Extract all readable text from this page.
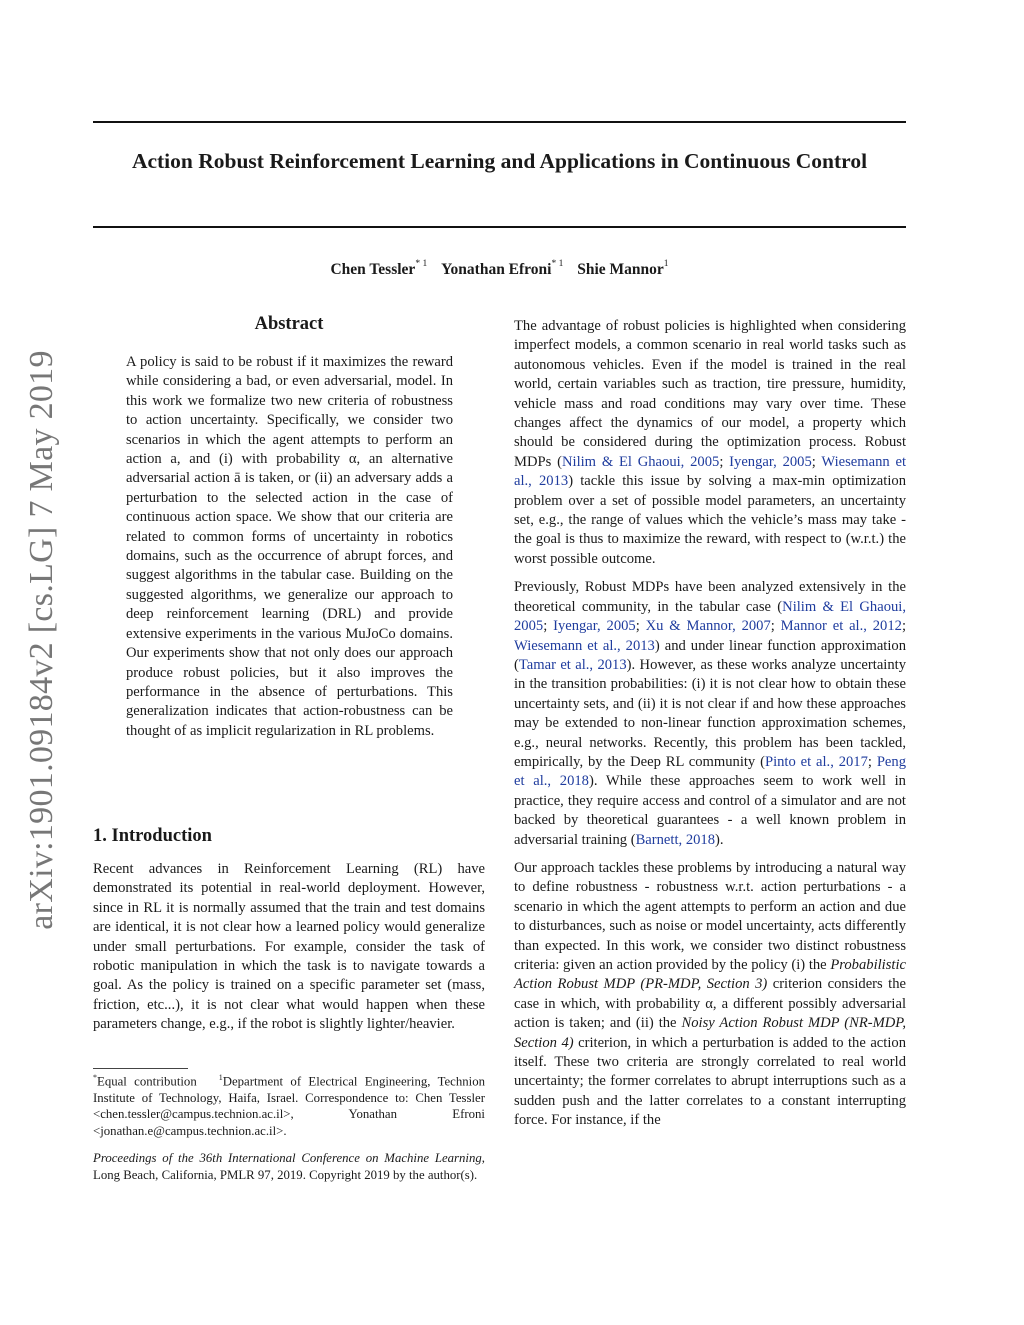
arXiv:1901.09184v2 [cs.LG] 7 May 2019
Action Robust Reinforcement Learning and Applications in Continuous Control
Chen Tessler$^{* 1}$ Yonathan Efroni$^{* 1}$ Shie Mannor$^1$
Abstract
A policy is said to be robust if it maximizes the reward while considering a bad, or even adversarial, model. In this work we formalize two new criteria of robustness to action uncertainty. Specifically, we consider two scenarios in which the agent attempts to perform an action a, and (i) with probability α, an alternative adversarial action ā is taken, or (ii) an adversary adds a perturbation to the selected action in the case of continuous action space. We show that our criteria are related to common forms of uncertainty in robotics domains, such as the occurrence of abrupt forces, and suggest algorithms in the tabular case. Building on the suggested algorithms, we generalize our approach to deep reinforcement learning (DRL) and provide extensive experiments in the various MuJoCo domains. Our experiments show that not only does our approach produce robust policies, but it also improves the performance in the absence of perturbations. This generalization indicates that action-robustness can be thought of as implicit regularization in RL problems.
1. Introduction
Recent advances in Reinforcement Learning (RL) have demonstrated its potential in real-world deployment. However, since in RL it is normally assumed that the train and test domains are identical, it is not clear how a learned policy would generalize under small perturbations. For example, consider the task of robotic manipulation in which the task is to navigate towards a goal. As the policy is trained on a specific parameter set (mass, friction, etc...), it is not clear what would happen when these parameters change, e.g., if the robot is slightly lighter/heavier.
*Equal contribution	$^1$Department of Electrical Engineering, Technion Institute of Technology, Haifa, Israel. Correspondence to: Chen Tessler <chen.tessler@campus.technion.ac.il>, Yonathan Efroni <jonathan.e@campus.technion.ac.il>.
Proceedings of the 36th International Conference on Machine Learning, Long Beach, California, PMLR 97, 2019. Copyright 2019 by the author(s).

The advantage of robust policies is highlighted when considering imperfect models, a common scenario in real world tasks such as autonomous vehicles. Even if the model is trained in the real world, certain variables such as traction, tire pressure, humidity, vehicle mass and road conditions may vary over time. These changes affect the dynamics of our model, a property which should be considered during the optimization process. Robust MDPs (Nilim & El Ghaoui, 2005; Iyengar, 2005; Wiesemann et al., 2013) tackle this issue by solving a max-min optimization problem over a set of possible model parameters, an uncertainty set, e.g., the range of values which the vehicle’s mass may take - the goal is thus to maximize the reward, with respect to (w.r.t.) the worst possible outcome.

Previously, Robust MDPs have been analyzed extensively in the theoretical community, in the tabular case (Nilim & El Ghaoui, 2005; Iyengar, 2005; Xu & Mannor, 2007; Mannor et al., 2012; Wiesemann et al., 2013) and under linear function approximation (Tamar et al., 2013). However, as these works analyze uncertainty in the transition probabilities: (i) it is not clear how to obtain these uncertainty sets, and (ii) it is not clear if and how these approaches may be extended to non-linear function approximation schemes, e.g., neural networks. Recently, this problem has been tackled, empirically, by the Deep RL community (Pinto et al., 2017; Peng et al., 2018). While these approaches seem to work well in practice, they require access and control of a simulator and are not backed by theoretical guarantees - a well known problem in adversarial training (Barnett, 2018).

Our approach tackles these problems by introducing a natural way to define robustness - robustness w.r.t. action perturbations - a scenario in which the agent attempts to perform an action and due to disturbances, such as noise or model uncertainty, acts differently than expected. In this work, we consider two distinct robustness criteria: given an action provided by the policy (i) the Probabilistic Action Robust MDP (PR-MDP, Section 3) criterion considers the case in which, with probability α, a different possibly adversarial action is taken; and (ii) the Noisy Action Robust MDP (NR-MDP, Section 4) criterion, in which a perturbation is added to the action itself. These two criteria are strongly correlated to real world uncertainty; the former correlates to abrupt interruptions such as a sudden push and the latter correlates to a constant interrupting force. For instance, if the
